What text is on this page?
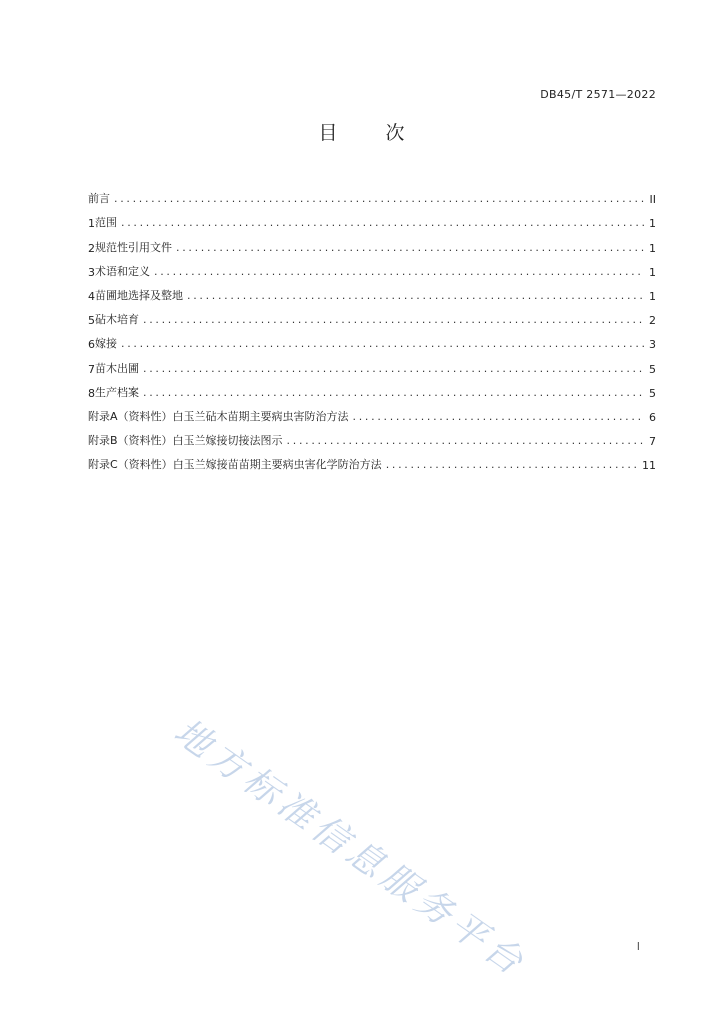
DB45/T 2571—2022
目 次
前言 .....	II
1 范围 .....	1
2 规范性引用文件 .....	1
3 术语和定义 .....	1
4 苗圃地选择及整地 .....	1
5 砧木培育 .....	2
6 嫁接 .....	3
7 苗木出圃 .....	5
8 生产档案 .....	5
附录A（资料性） 白玉兰砧木苗期主要病虫害防治方法 .....	6
附录B（资料性） 白玉兰嫁接切接法图示 .....	7
附录C（资料性） 白玉兰嫁接苗苗期主要病虫害化学防治方法 .....	11
地方标准信息服务平台	I
